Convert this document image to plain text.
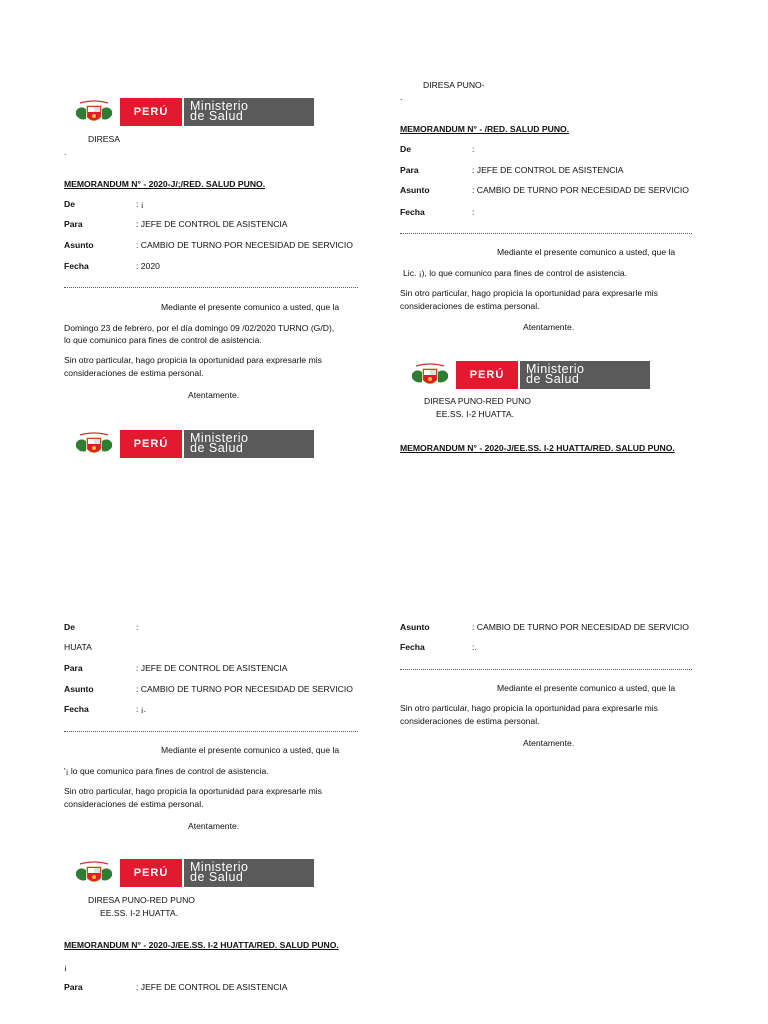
PERÚ	Ministerio
de Salud
DIRESA
.
MEMORANDUM N° - 2020-J/;/RED. SALUD PUNO.
De	: ¡
Para	: JEFE DE CONTROL DE ASISTENCIA
Asunto	: CAMBIO DE TURNO POR NECESIDAD DE SERVICIO
Fecha	: 2020
Mediante el presente comunico a usted, que la
Domingo 23 de febrero, por el día domingo 09 /02/2020 TURNO (G/D),
lo que comunico para fines de control de asistencia.
Sin otro particular, hago propicia la oportunidad para expresarle mis
consideraciones de estima personal.
Atentamente.
PERÚ	Ministerio
de Salud
DIRESA PUNO-
.
MEMORANDUM N° - /RED. SALUD PUNO.
De	:
Para	: JEFE DE CONTROL DE ASISTENCIA
Asunto	: CAMBIO DE TURNO POR NECESIDAD DE SERVICIO
Fecha	:
Mediante el presente comunico a usted, que la
Lic. ¡), lo que comunico para fines de control de asistencia.
Sin otro particular, hago propicia la oportunidad para expresarle mis
consideraciones de estima personal.
Atentamente.
PERÚ	Ministerio
de Salud
DIRESA PUNO-RED PUNO
EE.SS. I-2 HUATTA.
MEMORANDUM N° - 2020-J/EE.SS. I-2 HUATTA/RED. SALUD PUNO.
De	:
HUATA
Para	: JEFE DE CONTROL DE ASISTENCIA
Asunto	: CAMBIO DE TURNO POR NECESIDAD DE SERVICIO
Fecha	: ¡.
Mediante el presente comunico a usted, que la
'¡ lo que comunico para fines de control de asistencia.
Sin otro particular, hago propicia la oportunidad para expresarle mis
consideraciones de estima personal.
Atentamente.
PERÚ	Ministerio
de Salud
DIRESA PUNO-RED PUNO
EE.SS. I-2 HUATTA.
MEMORANDUM N° - 2020-J/EE.SS. I-2 HUATTA/RED. SALUD PUNO.
¡
Para	: JEFE DE CONTROL DE ASISTENCIA
Asunto	: CAMBIO DE TURNO POR NECESIDAD DE SERVICIO
Fecha	:.
Mediante el presente comunico a usted, que la
Sin otro particular, hago propicia la oportunidad para expresarle mis
consideraciones de estima personal.
Atentamente.
